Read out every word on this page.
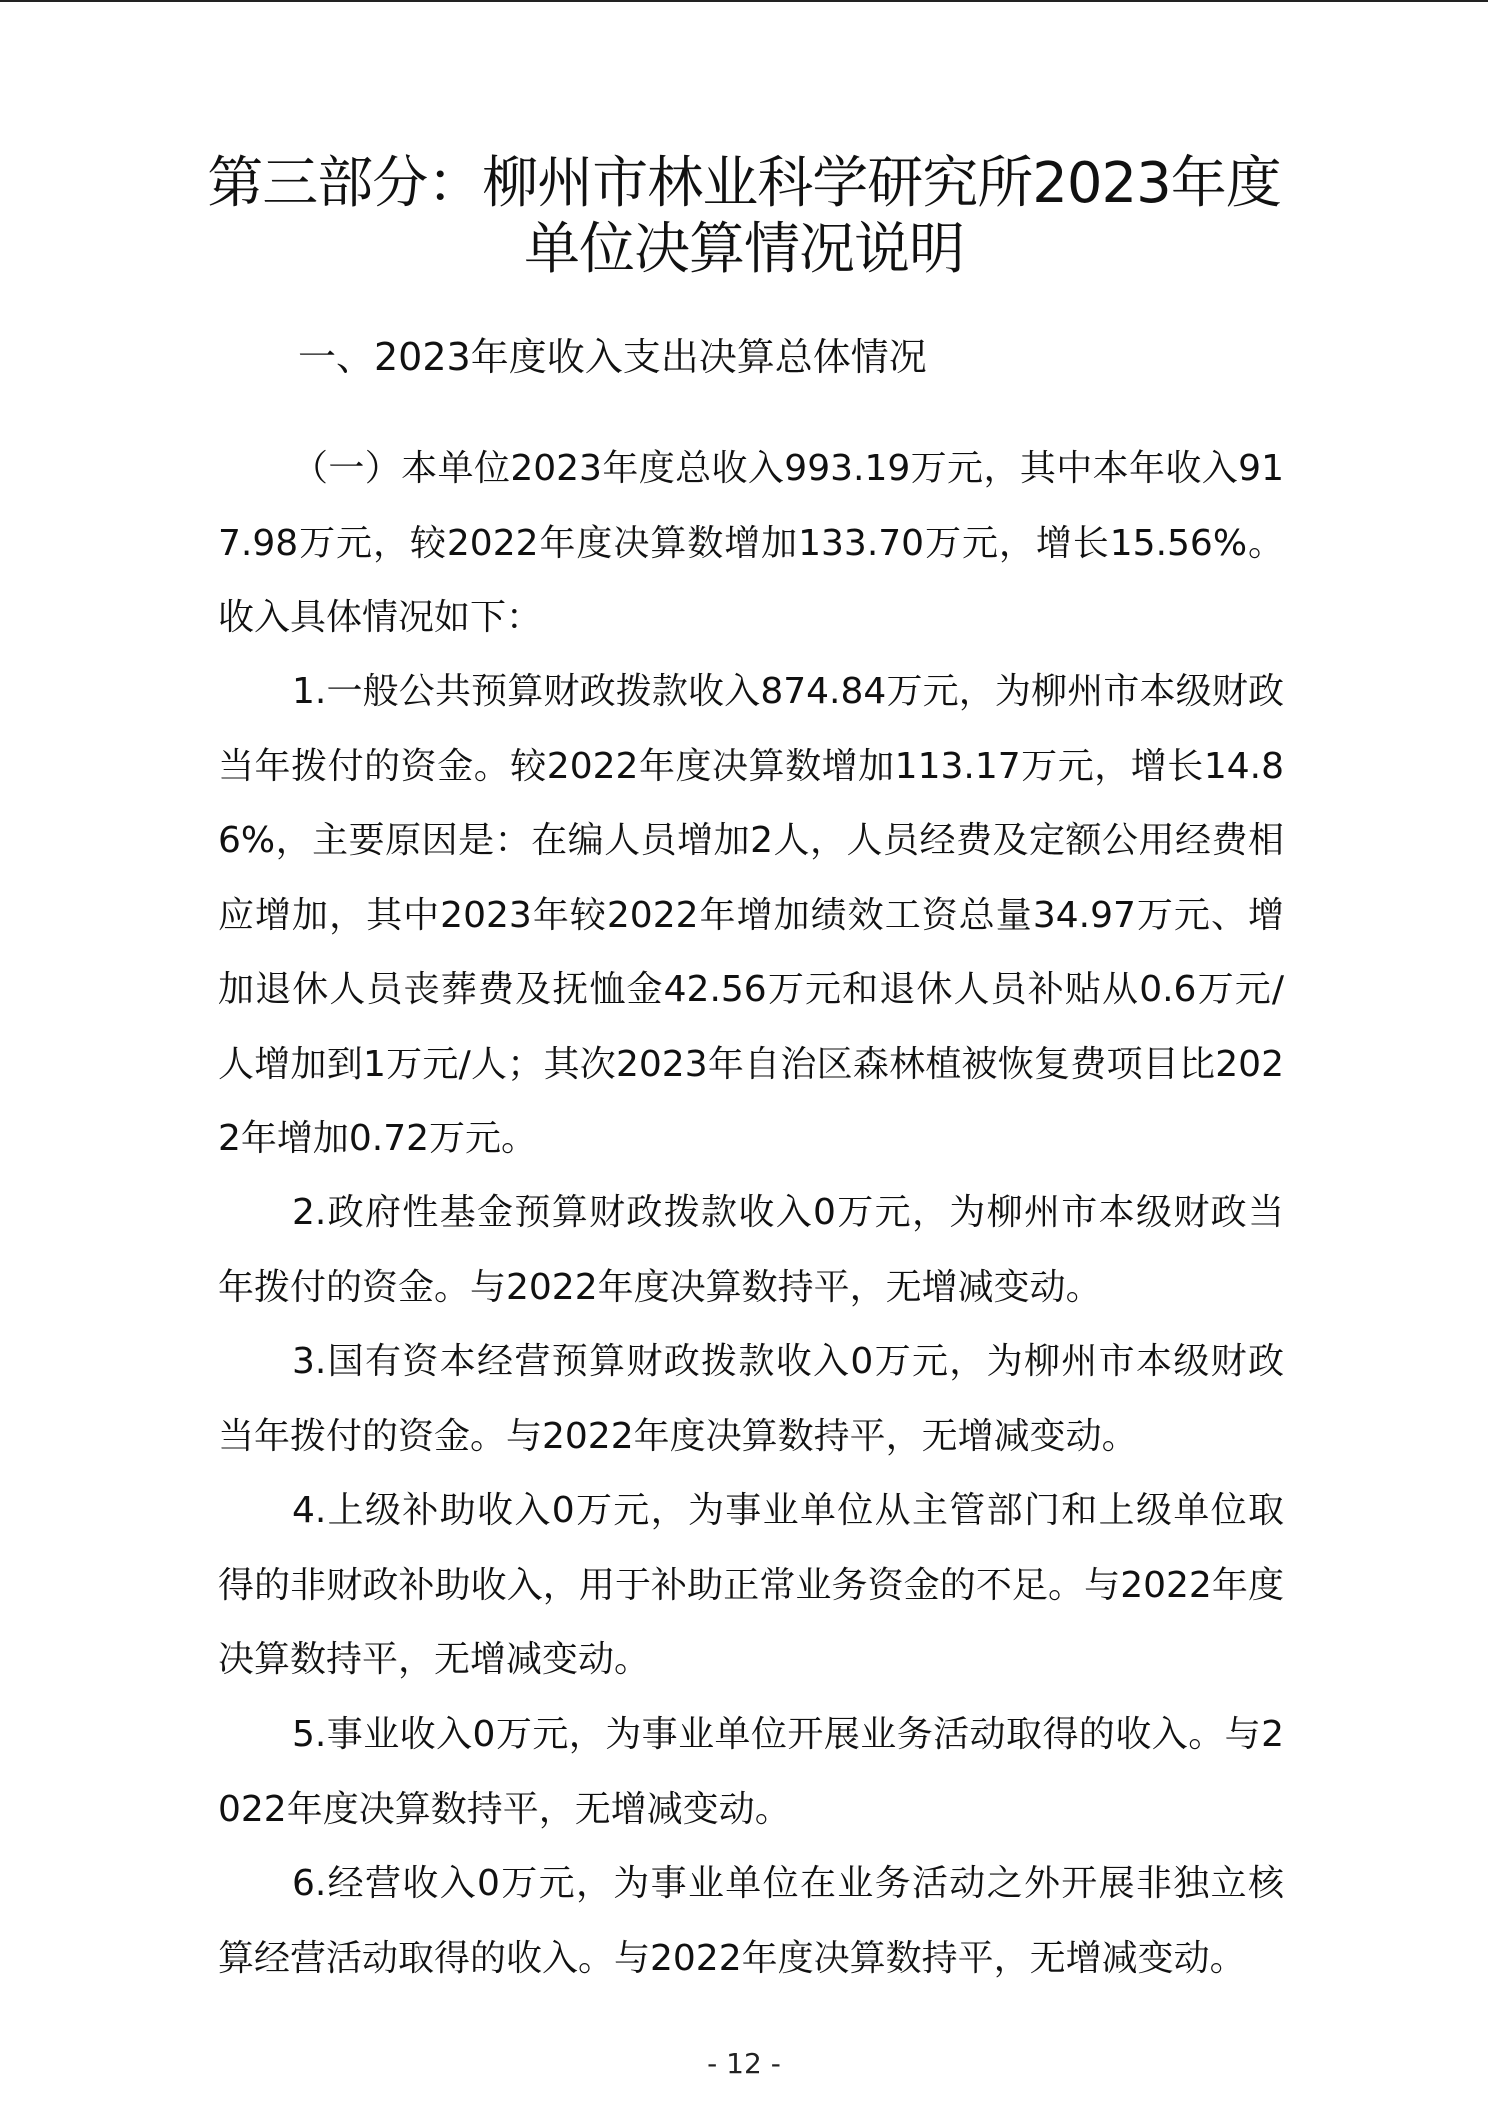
第三部分：柳州市林业科学研究所2023年度
单位决算情况说明
一、2023年度收入支出决算总体情况

（一）本单位2023年度总收入993.19万元，其中本年收入917.98万元，较2022年度决算数增加133.70万元，增长15.56%。收入具体情况如下：

1.一般公共预算财政拨款收入874.84万元，为柳州市本级财政当年拨付的资金。较2022年度决算数增加113.17万元，增长14.86%，主要原因是：在编人员增加2人，人员经费及定额公用经费相应增加，其中2023年较2022年增加绩效工资总量34.97万元、增加退休人员丧葬费及抚恤金42.56万元和退休人员补贴从0.6万元/人增加到1万元/人；其次2023年自治区森林植被恢复费项目比2022年增加0.72万元。

2.政府性基金预算财政拨款收入0万元，为柳州市本级财政当年拨付的资金。与2022年度决算数持平，无增减变动。

3.国有资本经营预算财政拨款收入0万元，为柳州市本级财政当年拨付的资金。与2022年度决算数持平，无增减变动。

4.上级补助收入0万元，为事业单位从主管部门和上级单位取得的非财政补助收入，用于补助正常业务资金的不足。与2022年度决算数持平，无增减变动。

5.事业收入0万元，为事业单位开展业务活动取得的收入。与2022年度决算数持平，无增减变动。

6.经营收入0万元，为事业单位在业务活动之外开展非独立核算经营活动取得的收入。与2022年度决算数持平，无增减变动。

- 12 -
